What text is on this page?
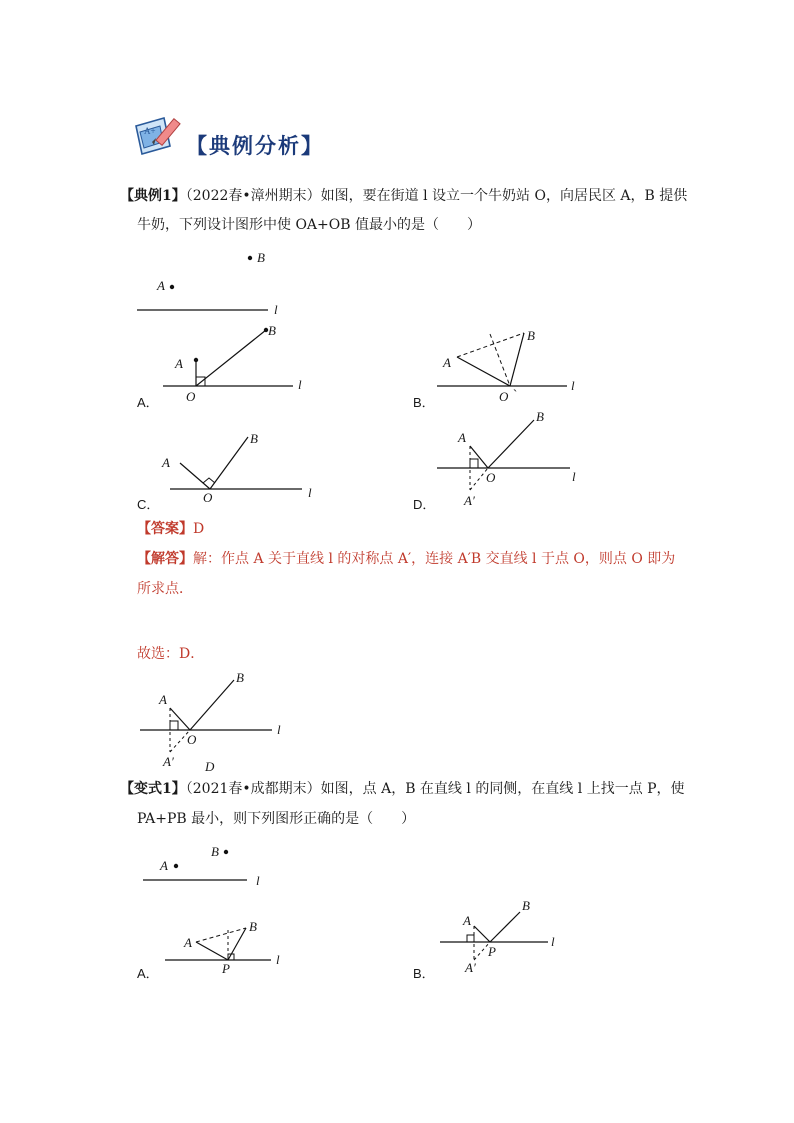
A+
【典例分析】
【典例1】（2022春•漳州期末）如图，要在街道 l 设立一个牛奶站 O，向居民区 A，B 提供
牛奶，下列设计图形中使 OA+OB 值最小的是（　　）
B
A
l
A
B
O
l
A
B
O `
l
A
B
O	l
A
B
O
A′
l
A．	B．
C．	D．
【答案】D
【解答】解：作点 A 关于直线 l 的对称点 A′，连接 A′B 交直线 l 于点 O，则点 O 即为
所求点．
故选：D．
A
B
O
A′
l
D
【变式1】（2021春•成都期末）如图，点 A，B 在直线 l 的同侧，在直线 l 上找一点 P，使
PA+PB 最小，则下列图形正确的是（　　）
B
A
l
A
B
P
l
A
B
P
A′
l
A．	B．
